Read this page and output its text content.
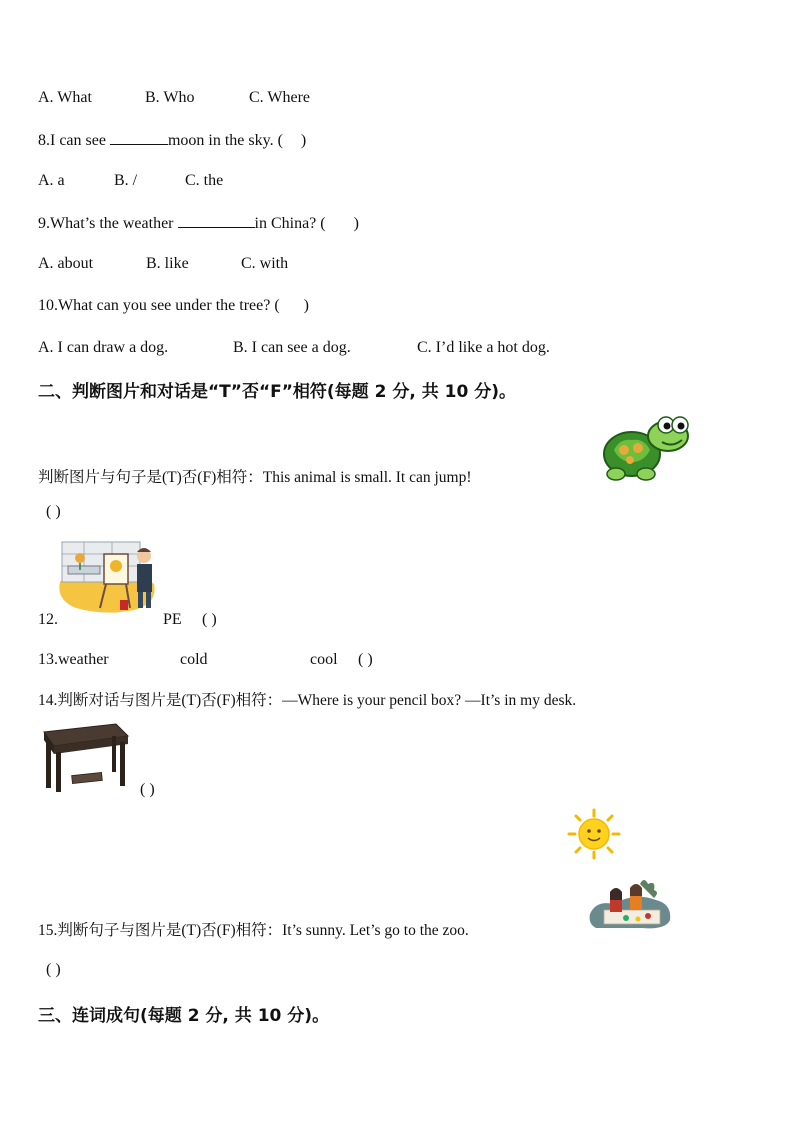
A. What	B. Who	C. Where
8.I can see	moon in the sky. ( )
A. a	B. /	C. the
9.What’s the weather	in China? ( )
A. about	B. like	C. with
10.What can you see under the tree? ( )
A. I can draw a dog.	B. I can see a dog.	C. I’d like a hot dog.
二、判断图片和对话是“T”否“F”相符(每题 2 分, 共 10 分)。
判断图片与句子是(T)否(F)相符：This animal is small. It can jump!
( )
12.	PE ( )
13.weather	cold	cool ( )
14.判断对话与图片是(T)否(F)相符：—Where is your pencil box? —It’s in my desk.
( )
15.判断句子与图片是(T)否(F)相符：It’s sunny. Let’s go to the zoo.
( )
三、连词成句(每题 2 分, 共 10 分)。
